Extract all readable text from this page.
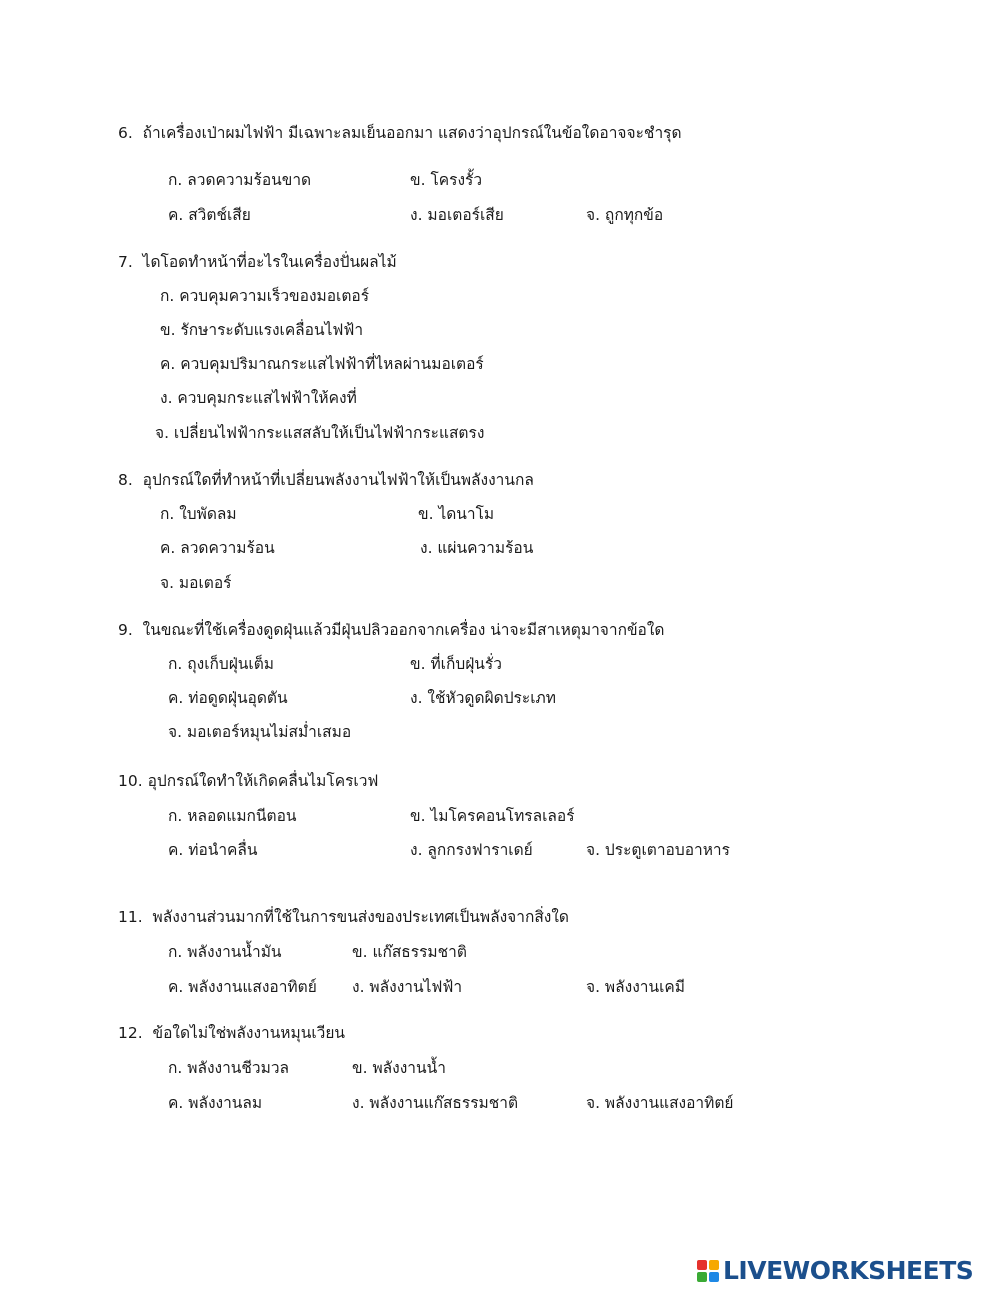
6. ถ้าเครื่องเป่าผมไฟฟ้า มีเฉพาะลมเย็นออกมา แสดงว่าอุปกรณ์ในข้อใดอาจจะชำรุด
ก. ลวดความร้อนขาด	ข. โครงรั้ว
ค. สวิตช์เสีย	ง. มอเตอร์เสีย	จ. ถูกทุกข้อ
7. ไดโอดทำหน้าที่อะไรในเครื่องปั่นผลไม้
ก. ควบคุมความเร็วของมอเตอร์
ข. รักษาระดับแรงเคลื่อนไฟฟ้า
ค. ควบคุมปริมาณกระแสไฟฟ้าที่ไหลผ่านมอเตอร์
ง. ควบคุมกระแสไฟฟ้าให้คงที่
จ. เปลี่ยนไฟฟ้ากระแสสลับให้เป็นไฟฟ้ากระแสตรง
8. อุปกรณ์ใดที่ทำหน้าที่เปลี่ยนพลังงานไฟฟ้าให้เป็นพลังงานกล
ก. ใบพัดลม	ข. ไดนาโม
ค. ลวดความร้อน	ง. แผ่นความร้อน
จ. มอเตอร์
9. ในขณะที่ใช้เครื่องดูดฝุ่นแล้วมีฝุ่นปลิวออกจากเครื่อง น่าจะมีสาเหตุมาจากข้อใด
ก. ถุงเก็บฝุ่นเต็ม	ข. ที่เก็บฝุ่นรั่ว
ค. ท่อดูดฝุ่นอุดตัน	ง. ใช้หัวดูดผิดประเภท
จ. มอเตอร์หมุนไม่สม่ำเสมอ
10. อุปกรณ์ใดทำให้เกิดคลื่นไมโครเวฟ
ก. หลอดแมกนีตอน	ข. ไมโครคอนโทรลเลอร์
ค. ท่อนำคลื่น	ง. ลูกกรงฟาราเดย์	จ. ประตูเตาอบอาหาร
11. พลังงานส่วนมากที่ใช้ในการขนส่งของประเทศเป็นพลังจากสิ่งใด
ก. พลังงานน้ำมัน	ข. แก๊สธรรมชาติ
ค. พลังงานแสงอาทิตย์ ง. พลังงานไฟฟ้า	จ. พลังงานเคมี
12. ข้อใดไม่ใช่พลังงานหมุนเวียน
ก. พลังงานชีวมวล	ข. พลังงานน้ำ
ค. พลังงานลม	ง. พลังงานแก๊สธรรมชาติ	จ. พลังงานแสงอาทิตย์
LIVEWORKSHEETS
